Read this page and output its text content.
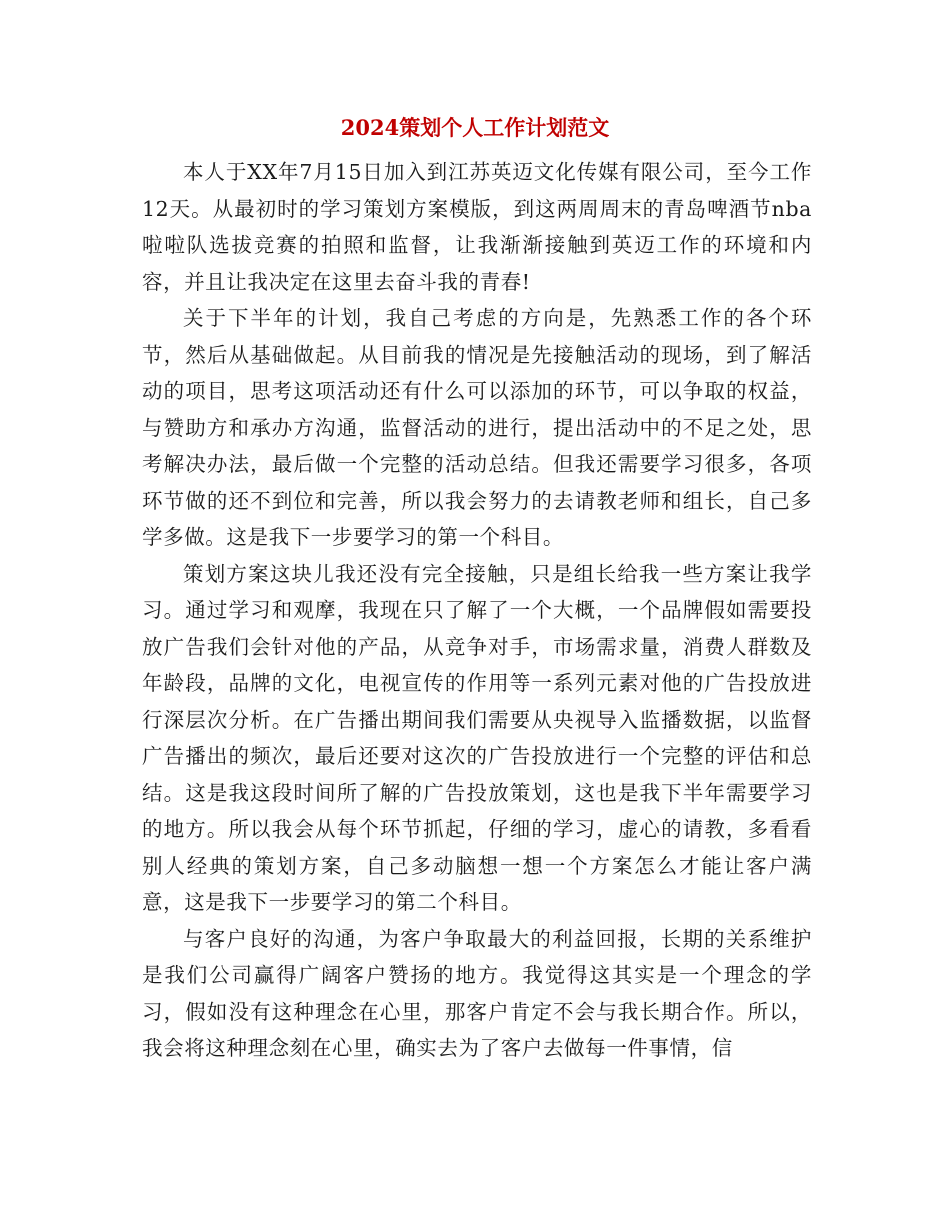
2024策划个人工作计划范文

本人于XX年7月15日加入到江苏英迈文化传媒有限公司，至今工作12天。从最初时的学习策划方案模版，到这两周周末的青岛啤酒节nba啦啦队选拔竞赛的拍照和监督，让我渐渐接触到英迈工作的环境和内容，并且让我决定在这里去奋斗我的青春!

关于下半年的计划，我自己考虑的方向是，先熟悉工作的各个环节，然后从基础做起。从目前我的情况是先接触活动的现场，到了解活动的项目，思考这项活动还有什么可以添加的环节，可以争取的权益，与赞助方和承办方沟通，监督活动的进行，提出活动中的不足之处，思考解决办法，最后做一个完整的活动总结。但我还需要学习很多，各项环节做的还不到位和完善，所以我会努力的去请教老师和组长，自己多学多做。这是我下一步要学习的第一个科目。

策划方案这块儿我还没有完全接触，只是组长给我一些方案让我学习。通过学习和观摩，我现在只了解了一个大概，一个品牌假如需要投放广告我们会针对他的产品，从竞争对手，市场需求量，消费人群数及年龄段，品牌的文化，电视宣传的作用等一系列元素对他的广告投放进行深层次分析。在广告播出期间我们需要从央视导入监播数据，以监督广告播出的频次，最后还要对这次的广告投放进行一个完整的评估和总结。这是我这段时间所了解的广告投放策划，这也是我下半年需要学习的地方。所以我会从每个环节抓起，仔细的学习，虚心的请教，多看看别人经典的策划方案，自己多动脑想一想一个方案怎么才能让客户满意，这是我下一步要学习的第二个科目。

与客户良好的沟通，为客户争取最大的利益回报，长期的关系维护是我们公司赢得广阔客户赞扬的地方。我觉得这其实是一个理念的学习，假如没有这种理念在心里，那客户肯定不会与我长期合作。所以，我会将这种理念刻在心里，确实去为了客户去做每一件事情，信
